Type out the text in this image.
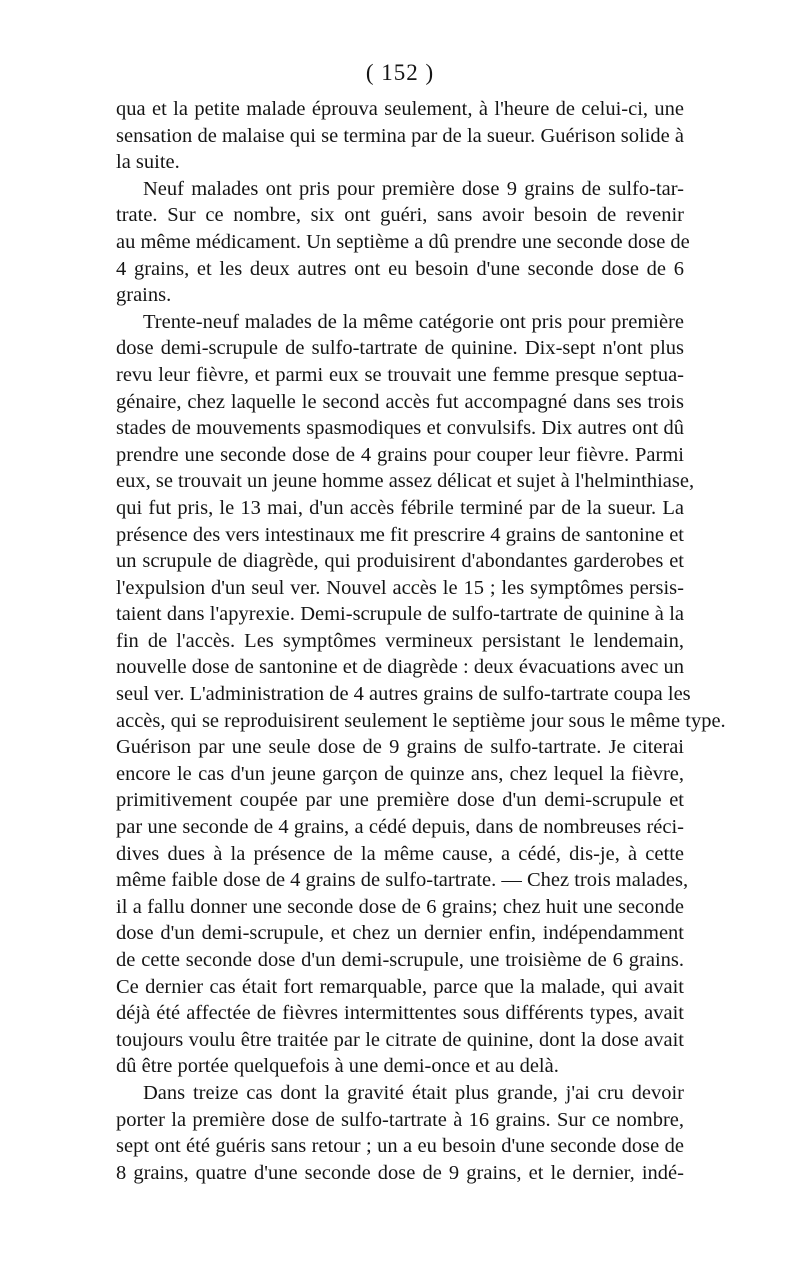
( 152 )
qua et la petite malade éprouva seulement, à l'heure de celui-ci, une
sensation de malaise qui se termina par de la sueur. Guérison solide à
la suite.
Neuf malades ont pris pour première dose 9 grains de sulfo-tar-
trate. Sur ce nombre, six ont guéri, sans avoir besoin de revenir
au même médicament. Un septième a dû prendre une seconde dose de
4 grains, et les deux autres ont eu besoin d'une seconde dose de 6
grains.
Trente-neuf malades de la même catégorie ont pris pour première
dose demi-scrupule de sulfo-tartrate de quinine. Dix-sept n'ont plus
revu leur fièvre, et parmi eux se trouvait une femme presque septua-
génaire, chez laquelle le second accès fut accompagné dans ses trois
stades de mouvements spasmodiques et convulsifs. Dix autres ont dû
prendre une seconde dose de 4 grains pour couper leur fièvre. Parmi
eux, se trouvait un jeune homme assez délicat et sujet à l'helminthiase,
qui fut pris, le 13 mai, d'un accès fébrile terminé par de la sueur. La
présence des vers intestinaux me fit prescrire 4 grains de santonine et
un scrupule de diagrède, qui produisirent d'abondantes garderobes et
l'expulsion d'un seul ver. Nouvel accès le 15 ; les symptômes persis-
taient dans l'apyrexie. Demi-scrupule de sulfo-tartrate de quinine à la
fin de l'accès. Les symptômes vermineux persistant le lendemain,
nouvelle dose de santonine et de diagrède : deux évacuations avec un
seul ver. L'administration de 4 autres grains de sulfo-tartrate coupa les
accès, qui se reproduisirent seulement le septième jour sous le même type.
Guérison par une seule dose de 9 grains de sulfo-tartrate. Je citerai
encore le cas d'un jeune garçon de quinze ans, chez lequel la fièvre,
primitivement coupée par une première dose d'un demi-scrupule et
par une seconde de 4 grains, a cédé depuis, dans de nombreuses réci-
dives dues à la présence de la même cause, a cédé, dis-je, à cette
même faible dose de 4 grains de sulfo-tartrate. — Chez trois malades,
il a fallu donner une seconde dose de 6 grains; chez huit une seconde
dose d'un demi-scrupule, et chez un dernier enfin, indépendamment
de cette seconde dose d'un demi-scrupule, une troisième de 6 grains.
Ce dernier cas était fort remarquable, parce que la malade, qui avait
déjà été affectée de fièvres intermittentes sous différents types, avait
toujours voulu être traitée par le citrate de quinine, dont la dose avait
dû être portée quelquefois à une demi-once et au delà.
Dans treize cas dont la gravité était plus grande, j'ai cru devoir
porter la première dose de sulfo-tartrate à 16 grains. Sur ce nombre,
sept ont été guéris sans retour ; un a eu besoin d'une seconde dose de
8 grains, quatre d'une seconde dose de 9 grains, et le dernier, indé-
